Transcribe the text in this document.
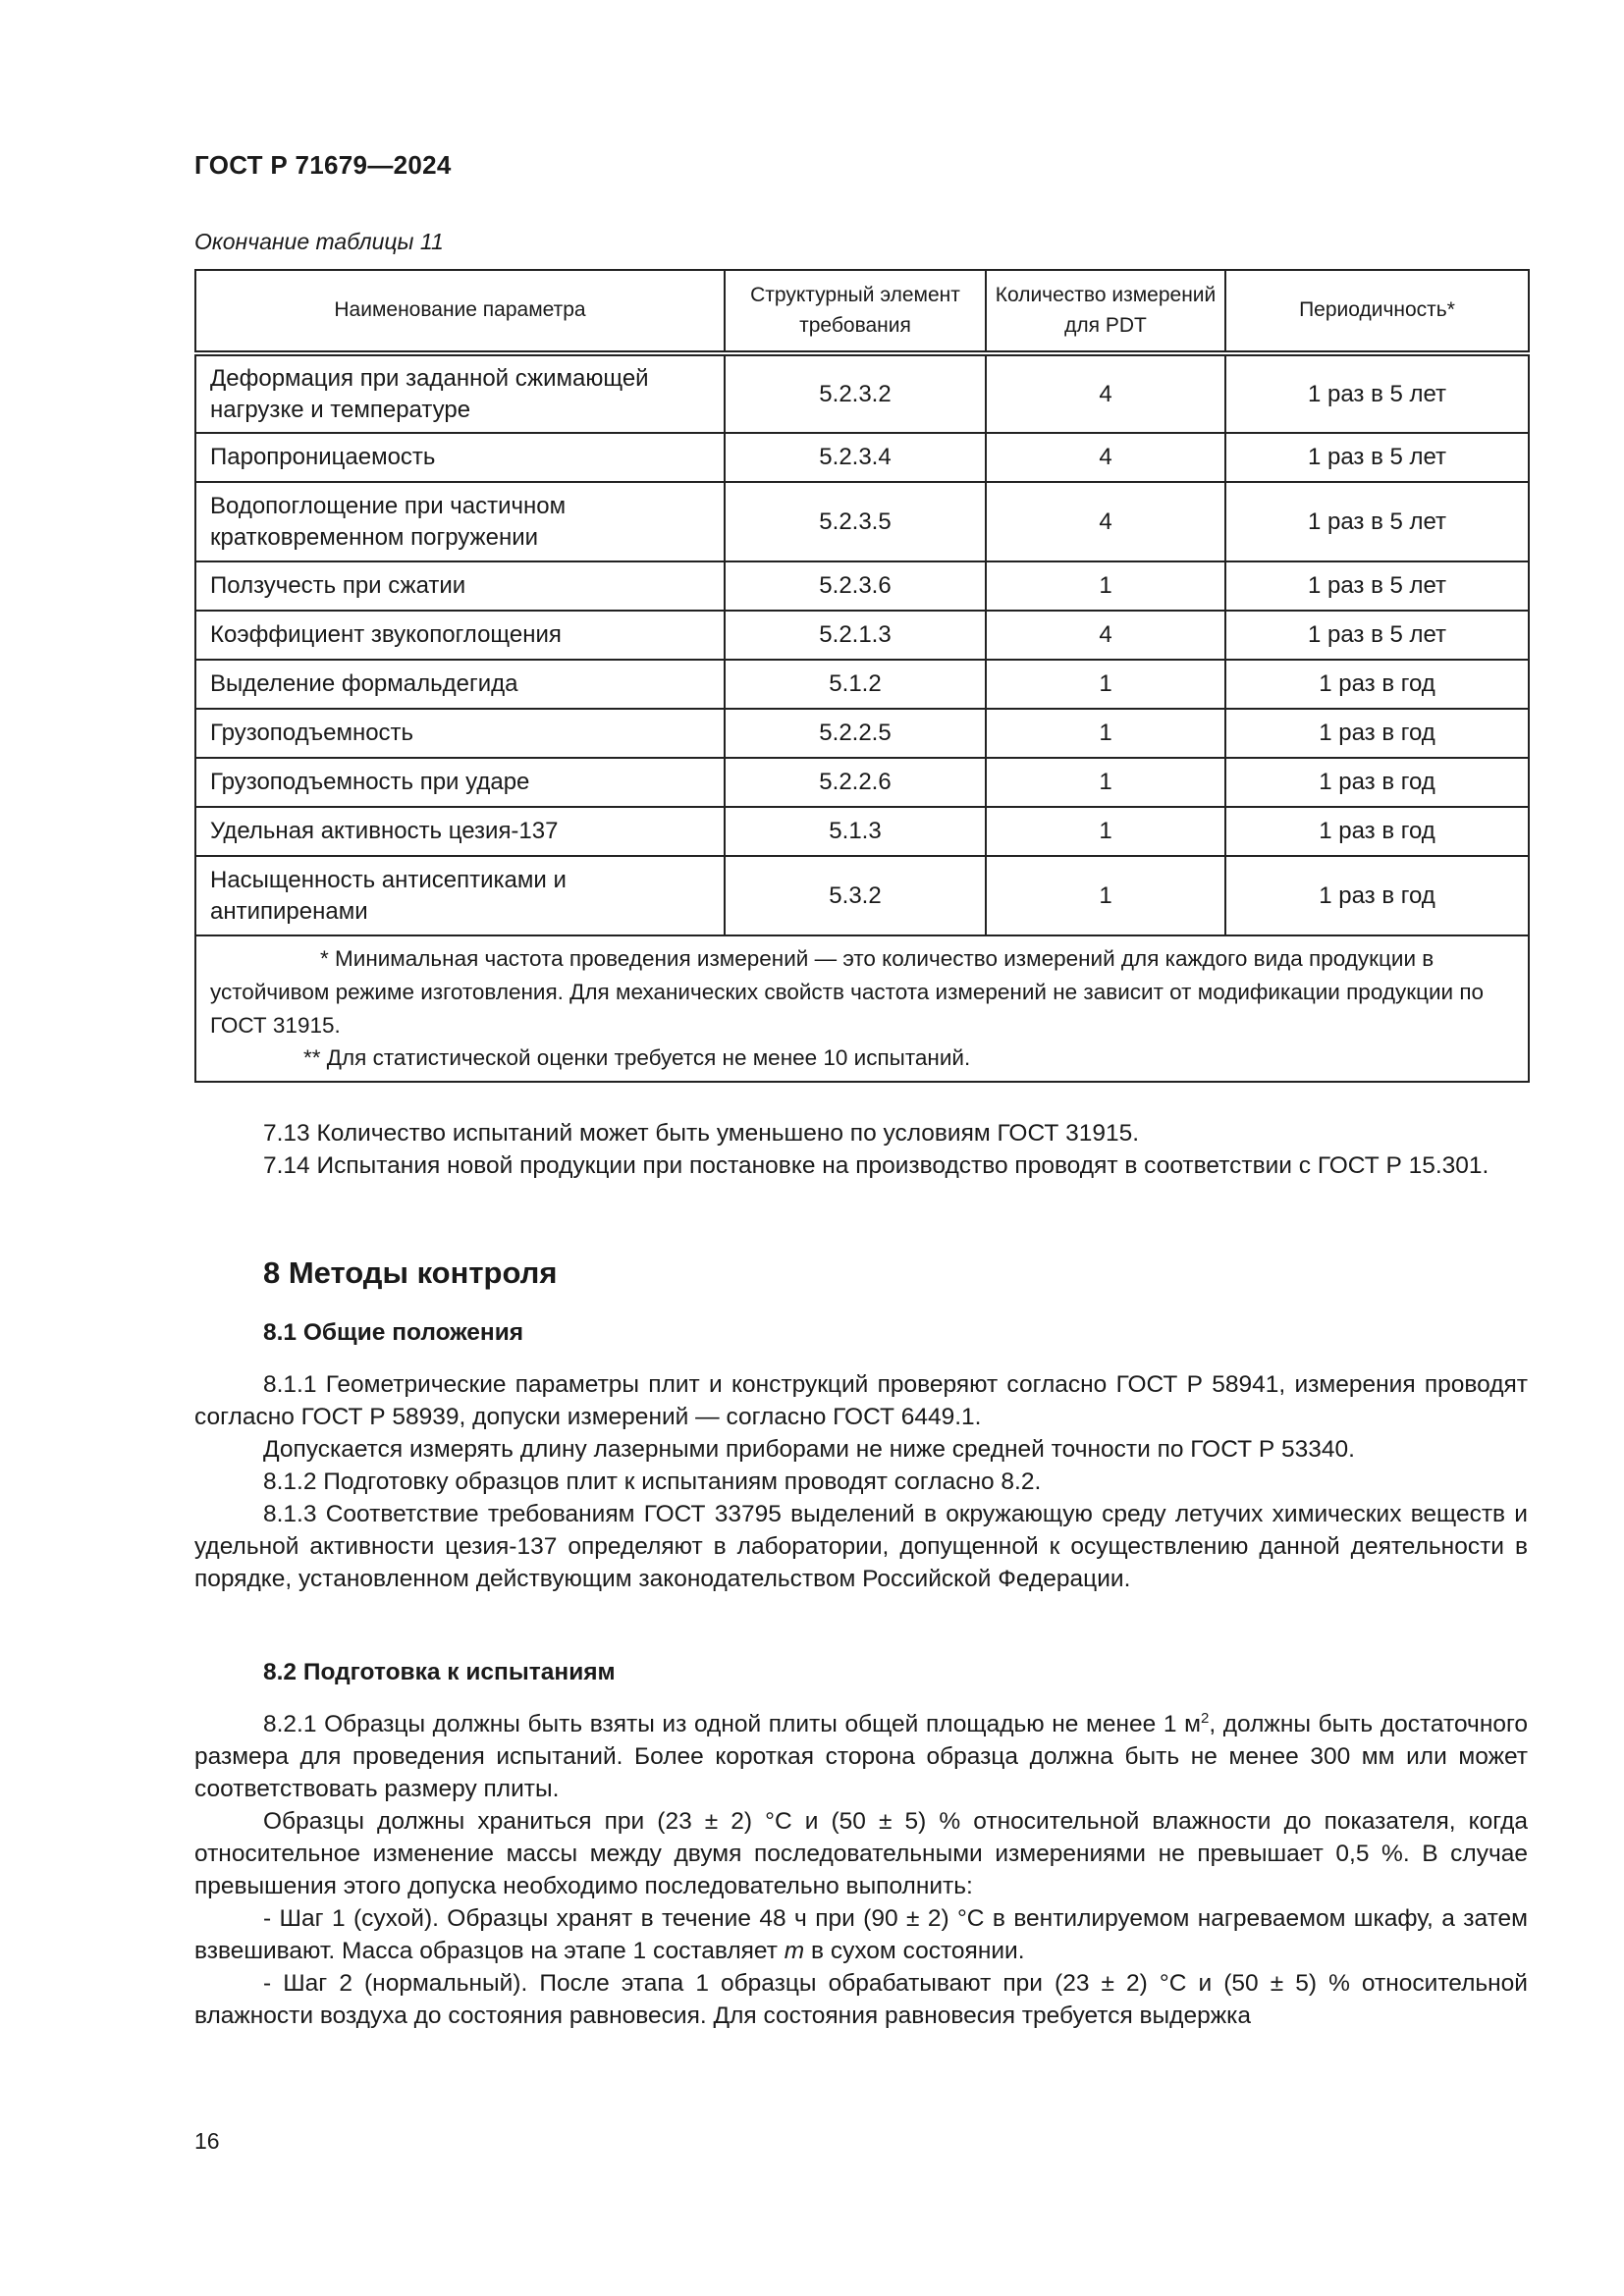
ГОСТ Р 71679—2024
Окончание таблицы 11
Наименование параметра	Структурный элемент требования	Количество измерений для PDT	Периодичность*
Деформация при заданной сжимающей нагрузке и температуре	5.2.3.2	4	1 раз в 5 лет
Паропроницаемость	5.2.3.4	4	1 раз в 5 лет
Водопоглощение при частичном кратковременном погружении	5.2.3.5	4	1 раз в 5 лет
Ползучесть при сжатии	5.2.3.6	1	1 раз в 5 лет
Коэффициент звукопоглощения	5.2.1.3	4	1 раз в 5 лет
Выделение формальдегида	5.1.2	1	1 раз в год
Грузоподъемность	5.2.2.5	1	1 раз в год
Грузоподъемность при ударе	5.2.2.6	1	1 раз в год
Удельная активность цезия-137	5.1.3	1	1 раз в год
Насыщенность антисептиками и антипиренами	5.3.2	1	1 раз в год

* Минимальная частота проведения измерений — это количество измерений для каждого вида продукции в устойчивом режиме изготовления. Для механических свойств частота измерений не зависит от модификации продукции по ГОСТ 31915.
** Для статистической оценки требуется не менее 10 испытаний.			

7.13 Количество испытаний может быть уменьшено по условиям ГОСТ 31915.

7.14 Испытания новой продукции при постановке на производство проводят в соответствии с ГОСТ Р 15.301.

8 Методы контроля
8.1 Общие положения

8.1.1 Геометрические параметры плит и конструкций проверяют согласно ГОСТ Р 58941, измерения проводят согласно ГОСТ Р 58939, допуски измерений — согласно ГОСТ 6449.1.

Допускается измерять длину лазерными приборами не ниже средней точности по ГОСТ Р 53340.

8.1.2 Подготовку образцов плит к испытаниям проводят согласно 8.2.

8.1.3 Соответствие требованиям ГОСТ 33795 выделений в окружающую среду летучих химических веществ и удельной активности цезия-137 определяют в лаборатории, допущенной к осуществлению данной деятельности в порядке, установленном действующим законодательством Российской Федерации.

8.2 Подготовка к испытаниям

8.2.1 Образцы должны быть взяты из одной плиты общей площадью не менее 1 $м^2$, должны быть достаточного размера для проведения испытаний. Более короткая сторона образца должна быть не менее 300 мм или может соответствовать размеру плиты.

Образцы должны храниться при (23 ± 2) °C и (50 ± 5) % относительной влажности до показателя, когда относительное изменение массы между двумя последовательными измерениями не превышает 0,5 %. В случае превышения этого допуска необходимо последовательно выполнить:

- Шаг 1 (сухой). Образцы хранят в течение 48 ч при (90 ± 2) °C в вентилируемом нагреваемом шкафу, а затем взвешивают. Масса образцов на этапе 1 составляет m в сухом состоянии.

- Шаг 2 (нормальный). После этапа 1 образцы обрабатывают при (23 ± 2) °C и (50 ± 5) % относительной влажности воздуха до состояния равновесия. Для состояния равновесия требуется выдержка

16
